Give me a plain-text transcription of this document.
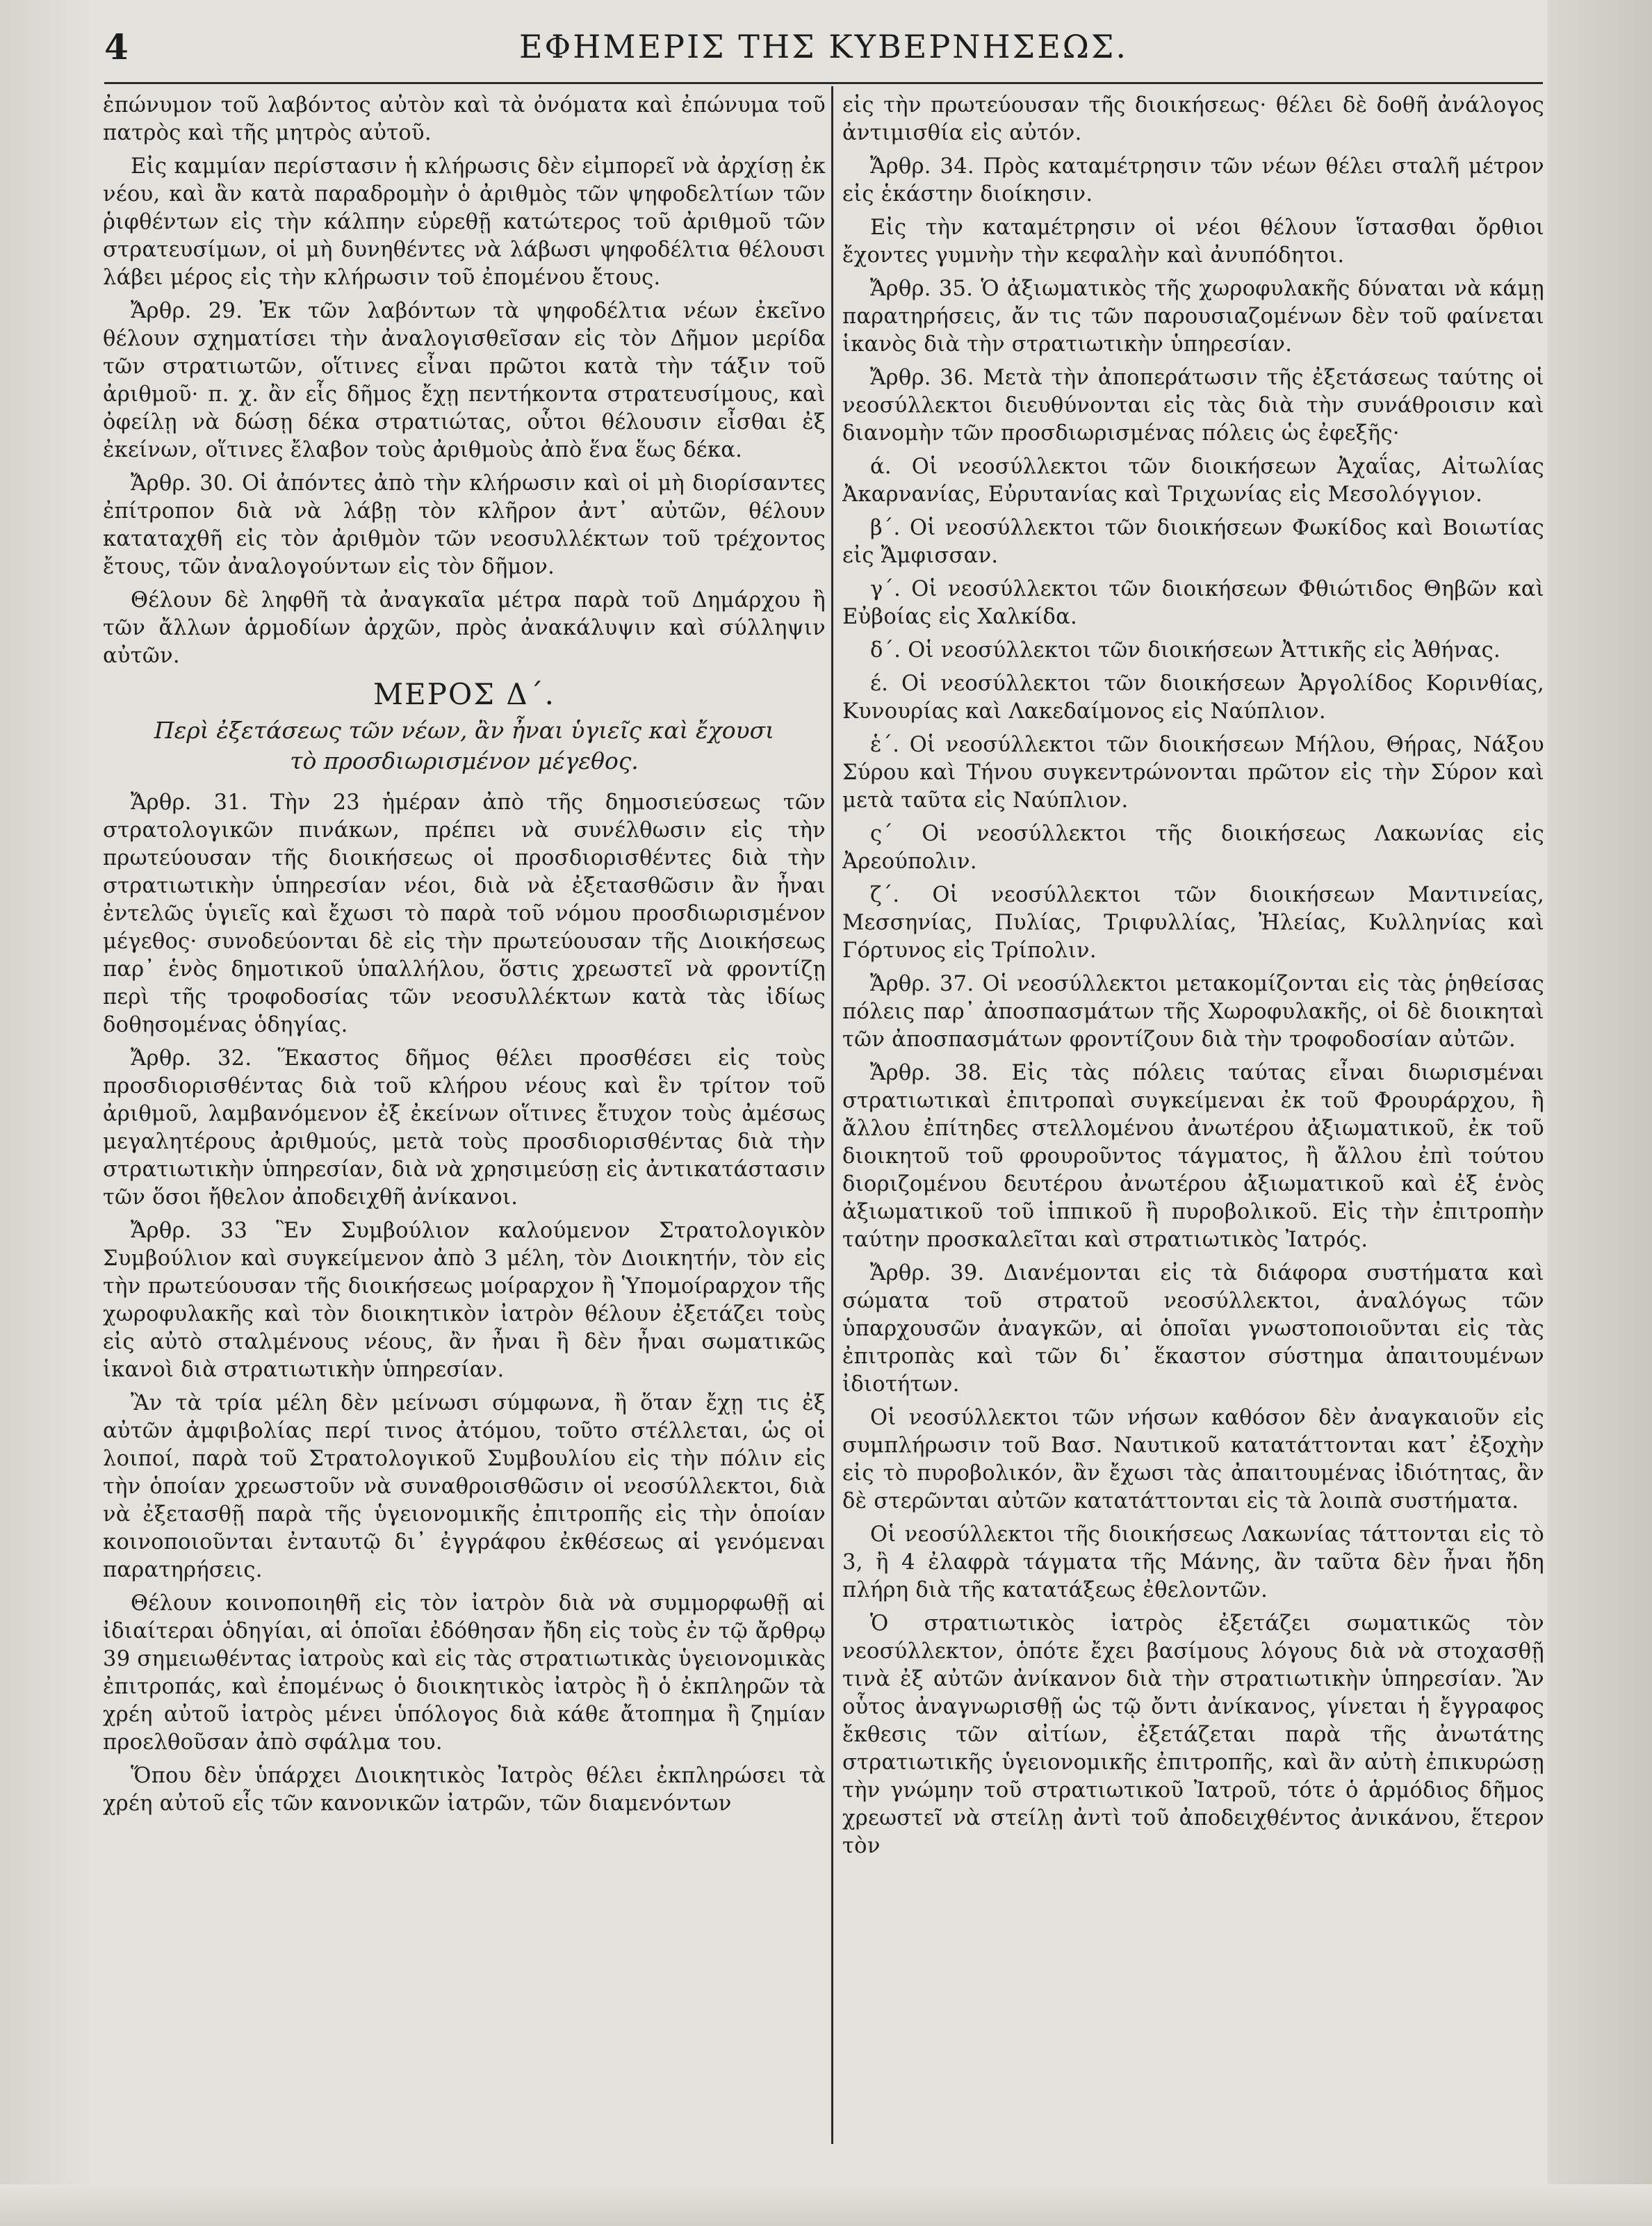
4	ΕΦΗΜΕΡΙΣ ΤΗΣ ΚΥΒΕΡΝΗΣΕΩΣ.

ἐπώνυμον τοῦ λαβόντος αὐτὸν καὶ τὰ ὀνόματα καὶ ἐπώνυμα τοῦ πατρὸς καὶ τῆς μητρὸς αὐτοῦ.

Εἰς καμμίαν περίστασιν ἡ κλήρωσις δὲν εἰμπορεῖ νὰ ἀρχίσῃ ἐκ νέου, καὶ ἂν κατὰ παραδρομὴν ὁ ἀριθμὸς τῶν ψηφοδελτίων τῶν ῥιφθέντων εἰς τὴν κάλπην εὑρεθῇ κατώτερος τοῦ ἀριθμοῦ τῶν στρατευσίμων, οἱ μὴ δυνηθέντες νὰ λάβωσι ψηφοδέλτια θέλουσι λάβει μέρος εἰς τὴν κλήρωσιν τοῦ ἐπομένου ἔτους.

Ἄρθρ. 29. Ἐκ τῶν λαβόντων τὰ ψηφοδέλτια νέων ἐκεῖνο θέλουν σχηματίσει τὴν ἀναλογισθεῖσαν εἰς τὸν Δῆμον μερίδα τῶν στρατιωτῶν, οἵτινες εἶναι πρῶτοι κατὰ τὴν τάξιν τοῦ ἀριθμοῦ· π. χ. ἂν εἷς δῆμος ἔχῃ πεντήκοντα στρατευσίμους, καὶ ὀφείλῃ νὰ δώσῃ δέκα στρατιώτας, οὗτοι θέλουσιν εἶσθαι ἐξ ἐκείνων, οἵτινες ἔλαβον τοὺς ἀριθμοὺς ἀπὸ ἕνα ἕως δέκα.

Ἄρθρ. 30. Οἱ ἀπόντες ἀπὸ τὴν κλήρωσιν καὶ οἱ μὴ διορίσαντες ἐπίτροπον διὰ νὰ λάβῃ τὸν κλῆρον ἀντ᾿ αὐτῶν, θέλουν καταταχθῆ εἰς τὸν ἀριθμὸν τῶν νεοσυλλέκτων τοῦ τρέχοντος ἔτους, τῶν ἀναλογούντων εἰς τὸν δῆμον.

Θέλουν δὲ ληφθῆ τὰ ἀναγκαῖα μέτρα παρὰ τοῦ Δημάρχου ἢ τῶν ἄλλων ἁρμοδίων ἀρχῶν, πρὸς ἀνακάλυψιν καὶ σύλληψιν αὐτῶν.

ΜΕΡΟΣ Δ΄.
Περὶ ἐξετάσεως τῶν νέων, ἂν ἦναι ὑγιεῖς καὶ ἔχουσι τὸ προσδιωρισμένον μέγεθος.

Ἄρθρ. 31. Τὴν 23 ἡμέραν ἀπὸ τῆς δημοσιεύσεως τῶν στρατολογικῶν πινάκων, πρέπει νὰ συνέλθωσιν εἰς τὴν πρωτεύουσαν τῆς διοικήσεως οἱ προσδιορισθέντες διὰ τὴν στρατιωτικὴν ὑπηρεσίαν νέοι, διὰ νὰ ἐξετασθῶσιν ἂν ἦναι ἐντελῶς ὑγιεῖς καὶ ἔχωσι τὸ παρὰ τοῦ νόμου προσδιωρισμένον μέγεθος· συνοδεύονται δὲ εἰς τὴν πρωτεύουσαν τῆς Διοικήσεως παρ᾿ ἑνὸς δημοτικοῦ ὑπαλλήλου, ὅστις χρεωστεῖ νὰ φροντίζῃ περὶ τῆς τροφοδοσίας τῶν νεοσυλλέκτων κατὰ τὰς ἰδίως δοθησομένας ὁδηγίας.

Ἄρθρ. 32. Ἕκαστος δῆμος θέλει προσθέσει εἰς τοὺς προσδιορισθέντας διὰ τοῦ κλήρου νέους καὶ ἓν τρίτον τοῦ ἀριθμοῦ, λαμβανόμενον ἐξ ἐκείνων οἵτινες ἔτυχον τοὺς ἀμέσως μεγαλητέρους ἀριθμούς, μετὰ τοὺς προσδιορισθέντας διὰ τὴν στρατιωτικὴν ὑπηρεσίαν, διὰ νὰ χρησιμεύσῃ εἰς ἀντικατάστασιν τῶν ὅσοι ἤθελον ἀποδειχθῆ ἀνίκανοι.

Ἄρθρ. 33 Ἓν Συμβούλιον καλούμενον Στρατολογικὸν Συμβούλιον καὶ συγκείμενον ἀπὸ 3 μέλη, τὸν Διοικητήν, τὸν εἰς τὴν πρωτεύουσαν τῆς διοικήσεως μοίραρχον ἢ Ὑπομοίραρχον τῆς χωροφυλακῆς καὶ τὸν διοικητικὸν ἰατρὸν θέλουν ἐξετάζει τοὺς εἰς αὐτὸ σταλμένους νέους, ἂν ἦναι ἢ δὲν ἦναι σωματικῶς ἱκανοὶ διὰ στρατιωτικὴν ὑπηρεσίαν.

Ἂν τὰ τρία μέλη δὲν μείνωσι σύμφωνα, ἢ ὅταν ἔχῃ τις ἐξ αὐτῶν ἀμφιβολίας περί τινος ἀτόμου, τοῦτο στέλλεται, ὡς οἱ λοιποί, παρὰ τοῦ Στρατολογικοῦ Συμβουλίου εἰς τὴν πόλιν εἰς τὴν ὁποίαν χρεωστοῦν νὰ συναθροισθῶσιν οἱ νεοσύλλεκτοι, διὰ νὰ ἐξετασθῇ παρὰ τῆς ὑγειονομικῆς ἐπιτροπῆς εἰς τὴν ὁποίαν κοινοποιοῦνται ἐνταυτῷ δι᾿ ἐγγράφου ἐκθέσεως αἱ γενόμεναι παρατηρήσεις.

Θέλουν κοινοποιηθῆ εἰς τὸν ἰατρὸν διὰ νὰ συμμορφωθῇ αἱ ἰδιαίτεραι ὁδηγίαι, αἱ ὁποῖαι ἐδόθησαν ἤδη εἰς τοὺς ἐν τῷ ἄρθρῳ 39 σημειωθέντας ἰατροὺς καὶ εἰς τὰς στρατιωτικὰς ὑγειονομικὰς ἐπιτροπάς, καὶ ἐπομένως ὁ διοικητικὸς ἰατρὸς ἢ ὁ ἐκπληρῶν τὰ χρέη αὐτοῦ ἰατρὸς μένει ὑπόλογος διὰ κάθε ἄτοπημα ἢ ζημίαν προελθοῦσαν ἀπὸ σφάλμα του.

Ὅπου δὲν ὑπάρχει Διοικητικὸς Ἰατρὸς θέλει ἐκπληρώσει τὰ χρέη αὐτοῦ εἷς τῶν κανονικῶν ἰατρῶν, τῶν διαμενόντων

εἰς τὴν πρωτεύουσαν τῆς διοικήσεως· θέλει δὲ δοθῆ ἀνάλογος ἀντιμισθία εἰς αὐτόν.

Ἄρθρ. 34. Πρὸς καταμέτρησιν τῶν νέων θέλει σταλῆ μέτρον εἰς ἑκάστην διοίκησιν.

Εἰς τὴν καταμέτρησιν οἱ νέοι θέλουν ἵστασθαι ὄρθιοι ἔχοντες γυμνὴν τὴν κεφαλὴν καὶ ἀνυπόδητοι.

Ἄρθρ. 35. Ὁ ἀξιωματικὸς τῆς χωροφυλακῆς δύναται νὰ κάμῃ παρατηρήσεις, ἄν τις τῶν παρουσιαζομένων δὲν τοῦ φαίνεται ἱκανὸς διὰ τὴν στρατιωτικὴν ὑπηρεσίαν.

Ἄρθρ. 36. Μετὰ τὴν ἀποπεράτωσιν τῆς ἐξετάσεως ταύτης οἱ νεοσύλλεκτοι διευθύνονται εἰς τὰς διὰ τὴν συνάθροισιν καὶ διανομὴν τῶν προσδιωρισμένας πόλεις ὡς ἐφεξῆς·

ά. Οἱ νεοσύλλεκτοι τῶν διοικήσεων Ἀχαΐας, Αἰτωλίας Ἀκαρνανίας, Εὐρυτανίας καὶ Τριχωνίας εἰς Μεσολόγγιον.

β΄. Οἱ νεοσύλλεκτοι τῶν διοικήσεων Φωκίδος καὶ Βοιωτίας εἰς Ἄμφισσαν.

γ΄. Οἱ νεοσύλλεκτοι τῶν διοικήσεων Φθιώτιδος Θηβῶν καὶ Εὐβοίας εἰς Χαλκίδα.

δ΄. Οἱ νεοσύλλεκτοι τῶν διοικήσεων Ἀττικῆς εἰς Ἀθήνας.

έ. Οἱ νεοσύλλεκτοι τῶν διοικήσεων Ἀργολίδος Κορινθίας, Κυνουρίας καὶ Λακεδαίμονος εἰς Ναύπλιον.

ἑ΄. Οἱ νεοσύλλεκτοι τῶν διοικήσεων Μήλου, Θήρας, Νάξου Σύρου καὶ Τήνου συγκεντρώνονται πρῶτον εἰς τὴν Σύρον καὶ μετὰ ταῦτα εἰς Ναύπλιον.

ς΄ Οἱ νεοσύλλεκτοι τῆς διοικήσεως Λακωνίας εἰς Ἀρεούπολιν.

ζ΄. Οἱ νεοσύλλεκτοι τῶν διοικήσεων Μαντινείας, Μεσσηνίας, Πυλίας, Τριφυλλίας, Ἠλείας, Κυλληνίας καὶ Γόρτυνος εἰς Τρίπολιν.

Ἄρθρ. 37. Οἱ νεοσύλλεκτοι μετακομίζονται εἰς τὰς ῥηθείσας πόλεις παρ᾿ ἀποσπασμάτων τῆς Χωροφυλακῆς, οἱ δὲ διοικηταὶ τῶν ἀποσπασμάτων φροντίζουν διὰ τὴν τροφοδοσίαν αὐτῶν.

Ἄρθρ. 38. Εἰς τὰς πόλεις ταύτας εἶναι διωρισμέναι στρατιωτικαὶ ἐπιτροπαὶ συγκείμεναι ἐκ τοῦ Φρουράρχου, ἢ ἄλλου ἐπίτηδες στελλομένου ἀνωτέρου ἀξιωματικοῦ, ἐκ τοῦ διοικητοῦ τοῦ φρουροῦντος τάγματος, ἢ ἄλλου ἐπὶ τούτου διοριζομένου δευτέρου ἀνωτέρου ἀξιωματικοῦ καὶ ἐξ ἑνὸς ἀξιωματικοῦ τοῦ ἱππικοῦ ἢ πυροβολικοῦ. Εἰς τὴν ἐπιτροπὴν ταύτην προσκαλεῖται καὶ στρατιωτικὸς Ἰατρός.

Ἄρθρ. 39. Διανέμονται εἰς τὰ διάφορα συστήματα καὶ σώματα τοῦ στρατοῦ νεοσύλλεκτοι, ἀναλόγως τῶν ὑπαρχουσῶν ἀναγκῶν, αἱ ὁποῖαι γνωστοποιοῦνται εἰς τὰς ἐπιτροπὰς καὶ τῶν δι᾿ ἕκαστον σύστημα ἀπαιτουμένων ἰδιοτήτων.

Οἱ νεοσύλλεκτοι τῶν νήσων καθόσον δὲν ἀναγκαιοῦν εἰς συμπλήρωσιν τοῦ Βασ. Ναυτικοῦ κατατάττονται κατ᾿ ἐξοχὴν εἰς τὸ πυροβολικόν, ἂν ἔχωσι τὰς ἀπαιτουμένας ἰδιότητας, ἂν δὲ στερῶνται αὐτῶν κατατάττονται εἰς τὰ λοιπὰ συστήματα.

Οἱ νεοσύλλεκτοι τῆς διοικήσεως Λακωνίας τάττονται εἰς τὸ 3, ἢ 4 ἐλαφρὰ τάγματα τῆς Μάνης, ἂν ταῦτα δὲν ἦναι ἤδη πλήρη διὰ τῆς κατατάξεως ἐθελοντῶν.

Ὁ στρατιωτικὸς ἰατρὸς ἐξετάζει σωματικῶς τὸν νεοσύλλεκτον, ὁπότε ἔχει βασίμους λόγους διὰ νὰ στοχασθῇ τινὰ ἐξ αὐτῶν ἀνίκανον διὰ τὴν στρατιωτικὴν ὑπηρεσίαν. Ἂν οὗτος ἀναγνωρισθῇ ὡς τῷ ὄντι ἀνίκανος, γίνεται ἡ ἔγγραφος ἔκθεσις τῶν αἰτίων, ἐξετάζεται παρὰ τῆς ἀνωτάτης στρατιωτικῆς ὑγειονομικῆς ἐπιτροπῆς, καὶ ἂν αὐτὴ ἐπικυρώσῃ τὴν γνώμην τοῦ στρατιωτικοῦ Ἰατροῦ, τότε ὁ ἁρμόδιος δῆμος χρεωστεῖ νὰ στείλῃ ἀντὶ τοῦ ἀποδειχθέντος ἀνικάνου, ἕτερον τὸν
